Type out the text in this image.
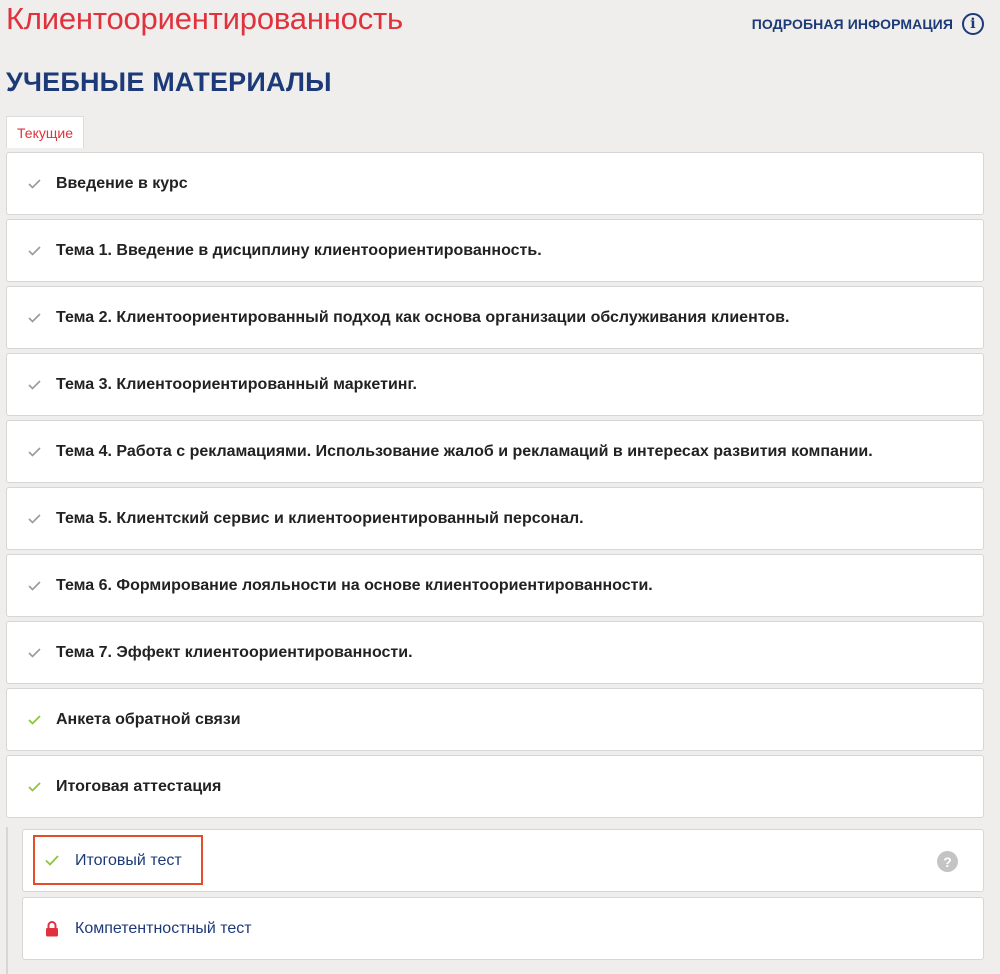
Клиентоориентированность	ПОДРОБНАЯ ИНФОРМАЦИЯ	i
УЧЕБНЫЕ МАТЕРИАЛЫ
Текущие
Введение в курс
Тема 1. Введение в дисциплину клиентоориентированность.
Тема 2. Клиентоориентированный подход как основа организации обслуживания клиентов.
Тема 3. Клиентоориентированный маркетинг.
Тема 4. Работа с рекламациями. Использование жалоб и рекламаций в интересах развития компании.
Тема 5. Клиентский сервис и клиентоориентированный персонал.
Тема 6. Формирование лояльности на основе клиентоориентированности.
Тема 7. Эффект клиентоориентированности.
Анкета обратной связи
Итоговая аттестация
Итоговый тест	?
Компетентностный тест
